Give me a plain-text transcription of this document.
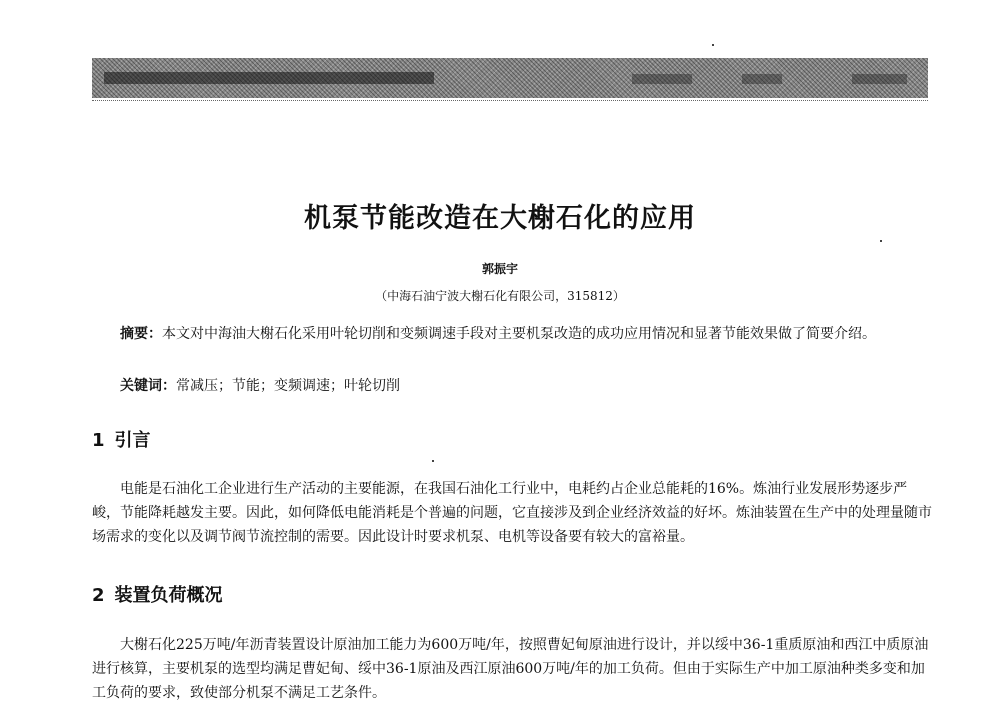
机泵节能改造在大榭石化的应用
郭振宇
（中海石油宁波大榭石化有限公司，315812）
摘要：本文对中海油大榭石化采用叶轮切削和变频调速手段对主要机泵改造的成功应用情况和显著节能效果做了简要介绍。
关键词：常减压；节能；变频调速；叶轮切削
1 引言
电能是石油化工企业进行生产活动的主要能源，在我国石油化工行业中，电耗约占企业总能耗的16%。炼油行业发展形势逐步严峻，节能降耗越发主要。因此，如何降低电能消耗是个普遍的问题，它直接涉及到企业经济效益的好坏。炼油装置在生产中的处理量随市场需求的变化以及调节阀节流控制的需要。因此设计时要求机泵、电机等设备要有较大的富裕量。
2 装置负荷概况
大榭石化225万吨/年沥青装置设计原油加工能力为600万吨/年，按照曹妃甸原油进行设计，并以绥中36-1重质原油和西江中质原油进行核算，主要机泵的选型均满足曹妃甸、绥中36-1原油及西江原油600万吨/年的加工负荷。但由于实际生产中加工原油种类多变和加工负荷的要求，致使部分机泵不满足工艺条件。
